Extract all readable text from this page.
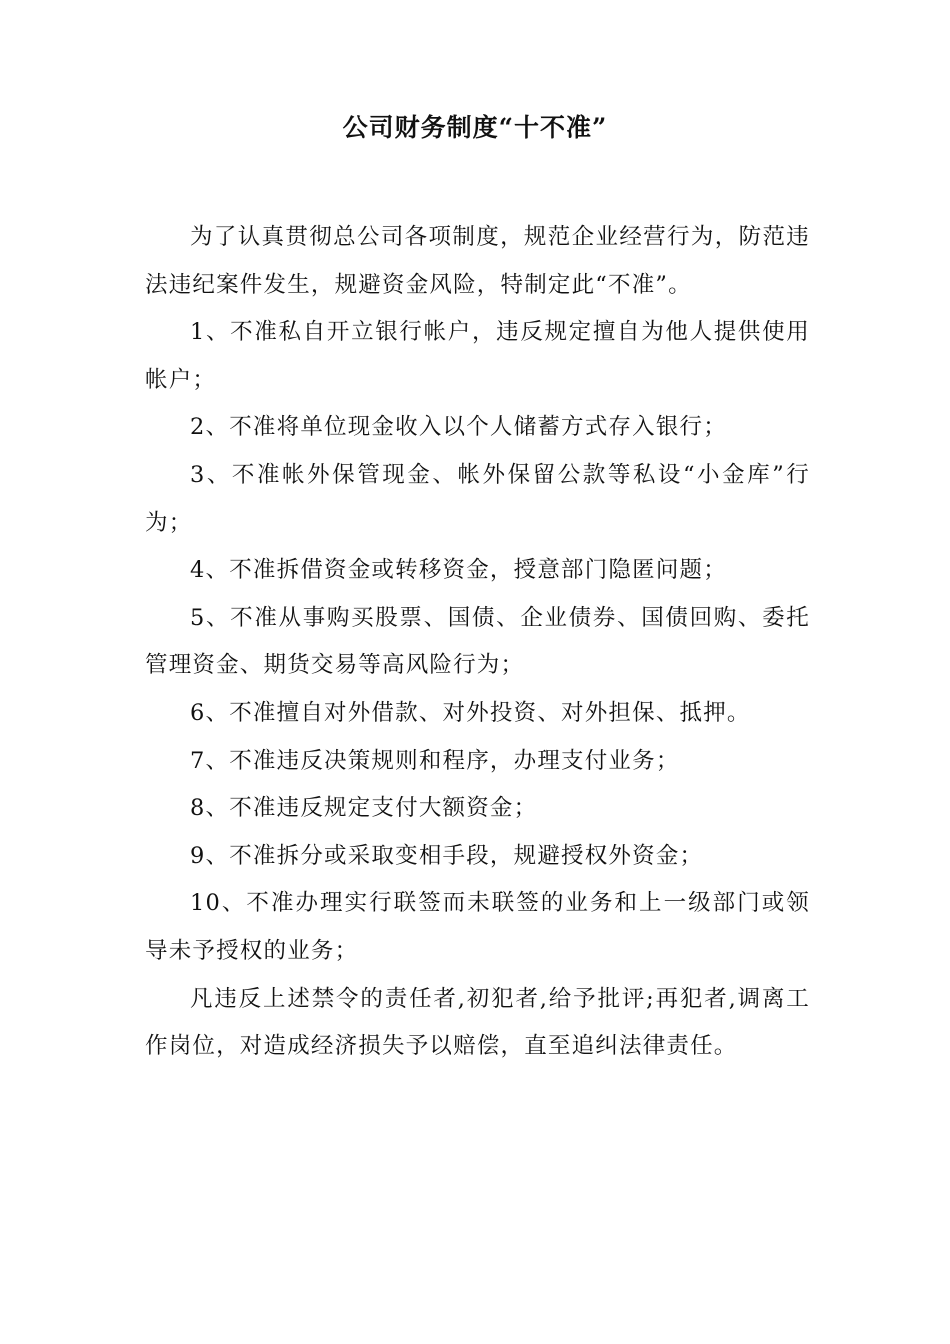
公司财务制度“十不准”

为了认真贯彻总公司各项制度，规范企业经营行为，防范违法违纪案件发生，规避资金风险，特制定此“不准”。

1、不准私自开立银行帐户，违反规定擅自为他人提供使用帐户；

2、不准将单位现金收入以个人储蓄方式存入银行；

3、不准帐外保管现金、帐外保留公款等私设“小金库”行为；

4、不准拆借资金或转移资金，授意部门隐匿问题；

5、不准从事购买股票、国债、企业债券、国债回购、委托管理资金、期货交易等高风险行为；

6、不准擅自对外借款、对外投资、对外担保、抵押。

7、不准违反决策规则和程序，办理支付业务；

8、不准违反规定支付大额资金；

9、不准拆分或采取变相手段，规避授权外资金；

10、不准办理实行联签而未联签的业务和上一级部门或领导未予授权的业务；

凡违反上述禁令的责任者,初犯者,给予批评;再犯者,调离工作岗位，对造成经济损失予以赔偿，直至追纠法律责任。
